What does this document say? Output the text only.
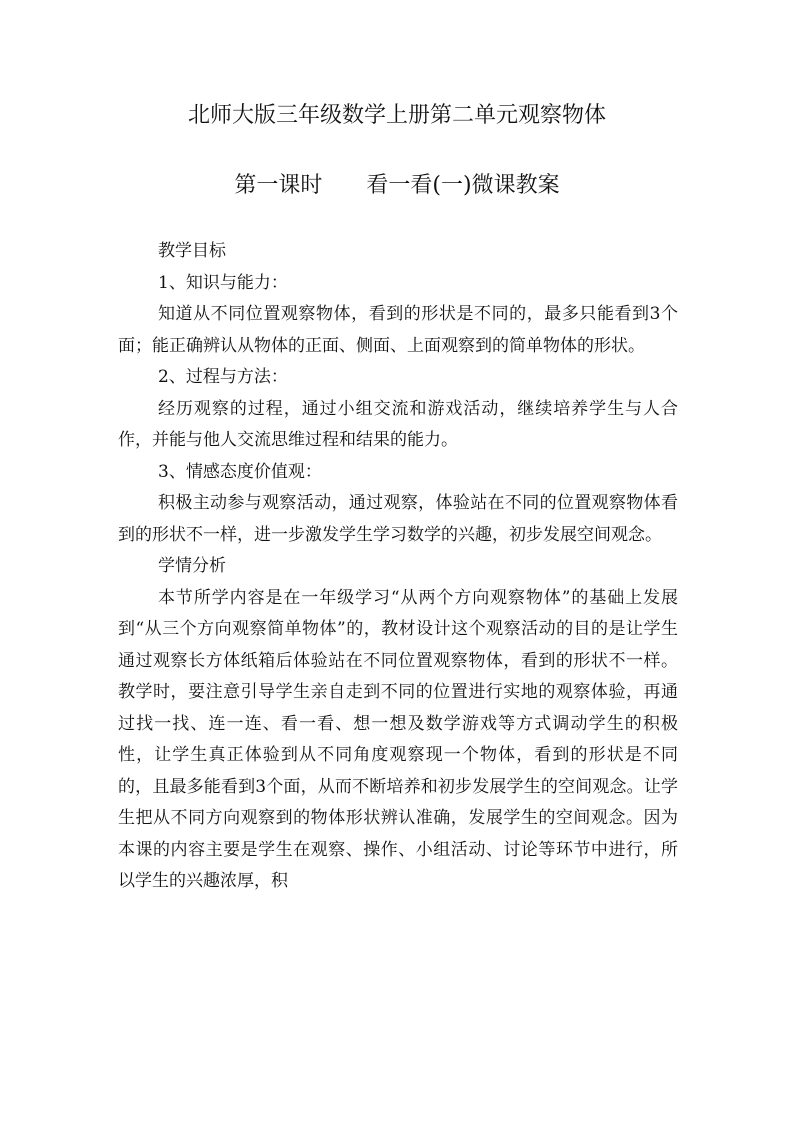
北师大版三年级数学上册第二单元观察物体
第一课时 看一看(一)微课教案

教学目标

1、知识与能力：

知道从不同位置观察物体，看到的形状是不同的，最多只能看到3个面；能正确辨认从物体的正面、侧面、上面观察到的简单物体的形状。

2、过程与方法：

经历观察的过程，通过小组交流和游戏活动，继续培养学生与人合作，并能与他人交流思维过程和结果的能力。

3、情感态度价值观：

积极主动参与观察活动，通过观察，体验站在不同的位置观察物体看到的形状不一样，进一步激发学生学习数学的兴趣，初步发展空间观念。

学情分析

本节所学内容是在一年级学习“从两个方向观察物体”的基础上发展到“从三个方向观察简单物体”的，教材设计这个观察活动的目的是让学生通过观察长方体纸箱后体验站在不同位置观察物体，看到的形状不一样。教学时，要注意引导学生亲自走到不同的位置进行实地的观察体验，再通过找一找、连一连、看一看、想一想及数学游戏等方式调动学生的积极性，让学生真正体验到从不同角度观察现一个物体，看到的形状是不同的，且最多能看到3个面，从而不断培养和初步发展学生的空间观念。让学生把从不同方向观察到的物体形状辨认准确，发展学生的空间观念。因为本课的内容主要是学生在观察、操作、小组活动、讨论等环节中进行，所以学生的兴趣浓厚，积
